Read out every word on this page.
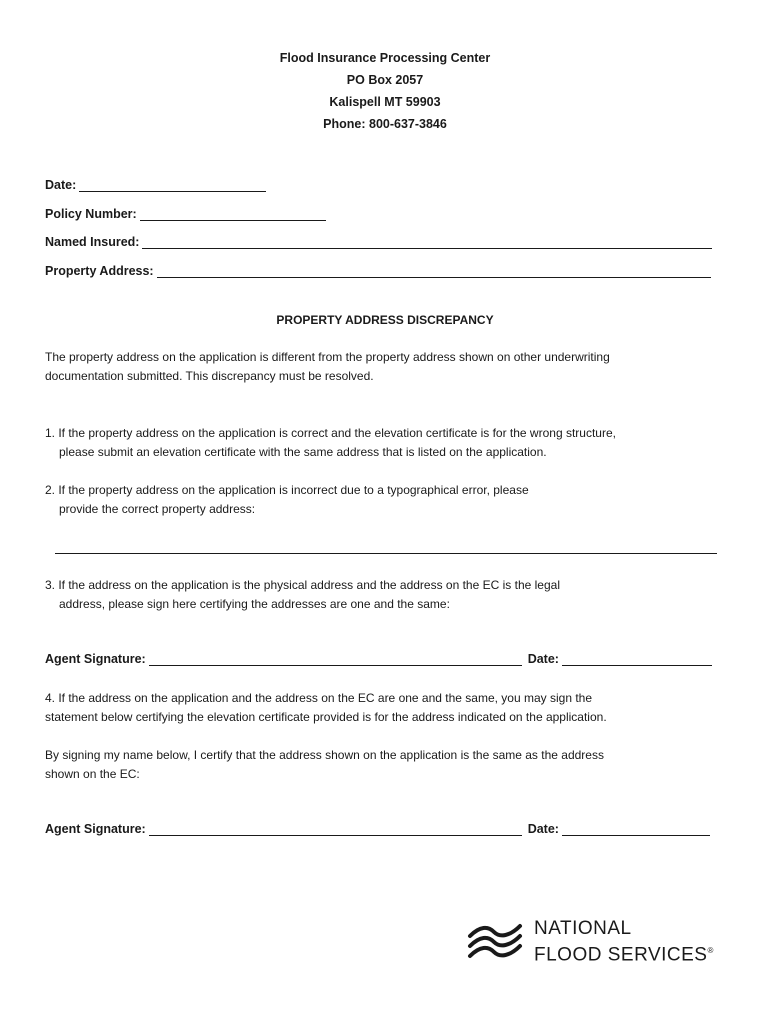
Flood Insurance Processing Center
PO Box 2057
Kalispell MT 59903
Phone: 800-637-3846
Date:
Policy Number:
Named Insured:
Property Address:
PROPERTY ADDRESS DISCREPANCY
The property address on the application is different from the property address shown on other underwriting
documentation submitted. This discrepancy must be resolved.
1. If the property address on the application is correct and the elevation certificate is for the wrong structure,
please submit an elevation certificate with the same address that is listed on the application.
2. If the property address on the application is incorrect due to a typographical error, please
provide the correct property address:
3. If the address on the application is the physical address and the address on the EC is the legal
address, please sign here certifying the addresses are one and the same:
Agent Signature:	Date:
4. If the address on the application and the address on the EC are one and the same, you may sign the
statement below certifying the elevation certificate provided is for the address indicated on the application.
By signing my name below, I certify that the address shown on the application is the same as the address
shown on the EC:
Agent Signature:	Date:
NATIONAL
FLOOD SERVICES®
